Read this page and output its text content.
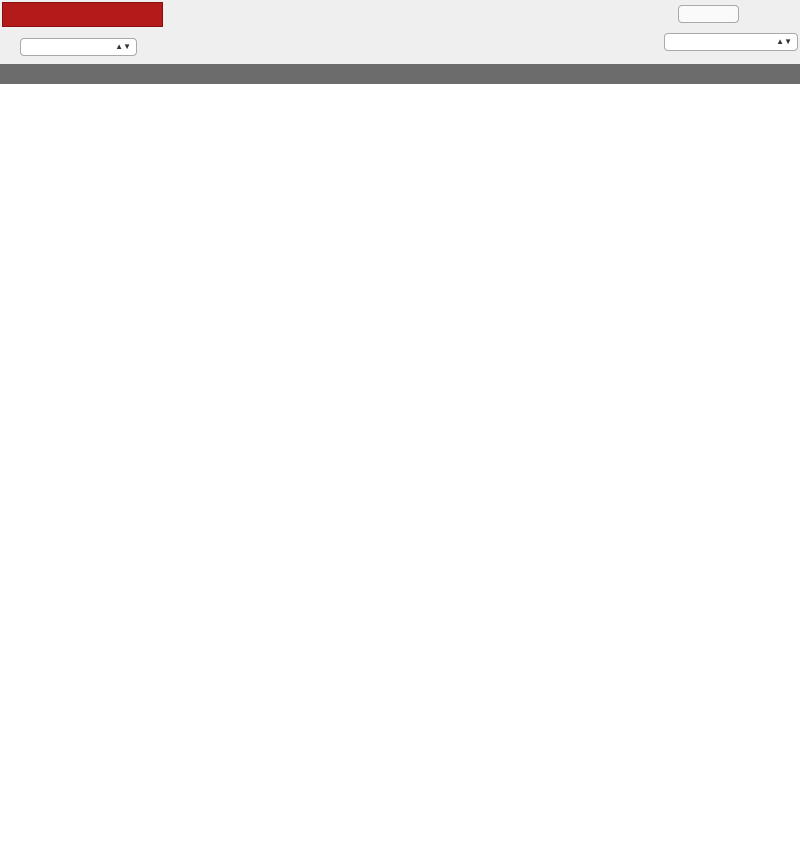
▲▼
▲▼
